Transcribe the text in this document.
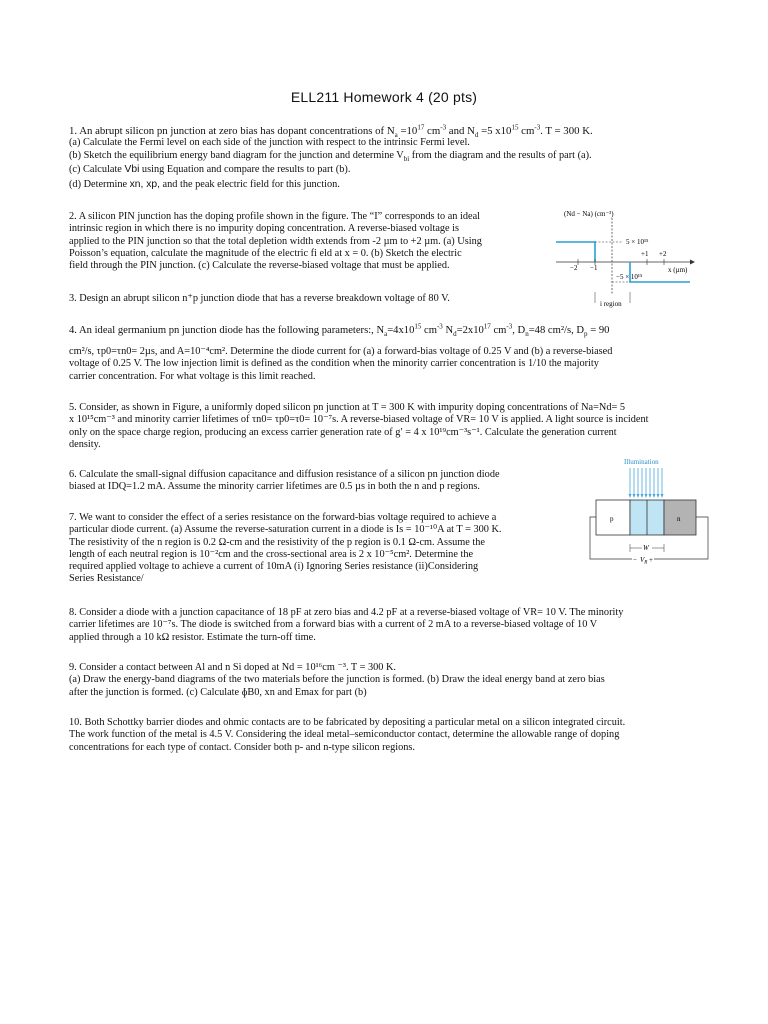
ELL211 Homework 4 (20 pts)

1. An abrupt silicon pn junction at zero bias has dopant concentrations of $N_a =10^{17}$ $cm^{-3}$ and $N_d =5$ $x10^{15}$ $cm^{-3}$. T = 300 K.

(a) Calculate the Fermi level on each side of the junction with respect to the intrinsic Fermi level.

(b) Sketch the equilibrium energy band diagram for the junction and determine $V_{bi}$ from the diagram and the results of part (a).

(c) Calculate Vbi using Equation and compare the results to part (b).

(d) Determine xn, xp, and the peak electric field for this junction.

2. A silicon PIN junction has the doping profile shown in the figure. The “I” corresponds to an ideal

intrinsic region in which there is no impurity doping concentration. A reverse-biased voltage is

applied to the PIN junction so that the total depletion width extends from -2 µm to +2 µm. (a) Using

Poisson’s equation, calculate the magnitude of the electric fi eld at x = 0. (b) Sketch the electric

field through the PIN junction. (c) Calculate the reverse-biased voltage that must be applied.

(Nd − Na) (cm⁻³)
5 × 10¹⁵
−5 × 10¹⁵
−2 −1
+1 +2
x (µm)
i region

3. Design an abrupt silicon n⁺p junction diode that has a reverse breakdown voltage of 80 V.

4. An ideal germanium pn junction diode has the following parameters:, $N_a=4x10^{15}$ $cm^{-3}$ $N_d=2x10^{17}$ $cm^{-3}$, $D_n=48$ cm²/s, $D_p = 90$

cm²/s, τp0=τn0= 2µs, and A=10⁻⁴cm². Determine the diode current for (a) a forward-bias voltage of 0.25 V and (b) a reverse-biased

voltage of 0.25 V. The low injection limit is defined as the condition when the minority carrier concentration is 1/10 the majority

carrier concentration. For what voltage is this limit reached.

5. Consider, as shown in Figure, a uniformly doped silicon pn junction at T = 300 K with impurity doping concentrations of Na=Nd= 5

x 10¹⁵cm⁻³ and minority carrier lifetimes of τn0= τp0=τ0= 10⁻⁷s. A reverse-biased voltage of VR= 10 V is applied. A light source is incident

only on the space charge region, producing an excess carrier generation rate of g′ = 4 x 10¹⁹cm⁻³s⁻¹. Calculate the generation current

density.

Illumination
p	n
W
− $V_R$ +

6. Calculate the small-signal diffusion capacitance and diffusion resistance of a silicon pn junction diode

biased at IDQ=1.2 mA. Assume the minority carrier lifetimes are 0.5 µs in both the n and p regions.

7. We want to consider the effect of a series resistance on the forward-bias voltage required to achieve a

particular diode current. (a) Assume the reverse-saturation current in a diode is Is = 10⁻¹⁰A at T = 300 K.

The resistivity of the n region is 0.2 Ω-cm and the resistivity of the p region is 0.1 Ω-cm. Assume the

length of each neutral region is 10⁻²cm and the cross-sectional area is 2 x 10⁻⁵cm². Determine the

required applied voltage to achieve a current of 10mA (i) Ignoring Series resistance (ii)Considering

Series Resistance/

8. Consider a diode with a junction capacitance of 18 pF at zero bias and 4.2 pF at a reverse-biased voltage of VR= 10 V. The minority

carrier lifetimes are 10⁻⁷s. The diode is switched from a forward bias with a current of 2 mA to a reverse-biased voltage of 10 V

applied through a 10 kΩ resistor. Estimate the turn-off time.

9. Consider a contact between Al and n Si doped at Nd = 10¹⁶cm ⁻³. T = 300 K.

(a) Draw the energy-band diagrams of the two materials before the junction is formed. (b) Draw the ideal energy band at zero bias

after the junction is formed. (c) Calculate ɸB0, xn and Emax for part (b)

10. Both Schottky barrier diodes and ohmic contacts are to be fabricated by depositing a particular metal on a silicon integrated circuit.

The work function of the metal is 4.5 V. Considering the ideal metal–semiconductor contact, determine the allowable range of doping

concentrations for each type of contact. Consider both p- and n-type silicon regions.
